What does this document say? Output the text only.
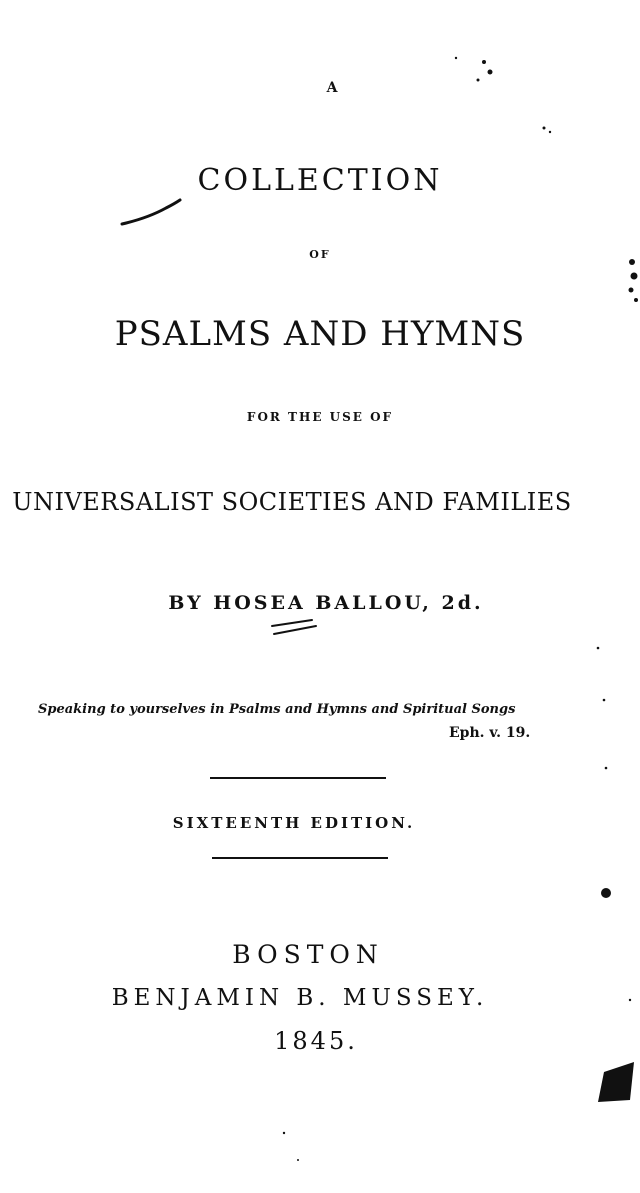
A

COLLECTION

OF

PSALMS AND HYMNS

FOR THE USE OF

UNIVERSALIST SOCIETIES AND FAMILIES

BY HOSEA BALLOU, 2d.

Speaking to yourselves in Psalms and Hymns and Spiritual Songs

Eph. v. 19.

SIXTEENTH EDITION.

BOSTON

BENJAMIN B. MUSSEY.

1845.
